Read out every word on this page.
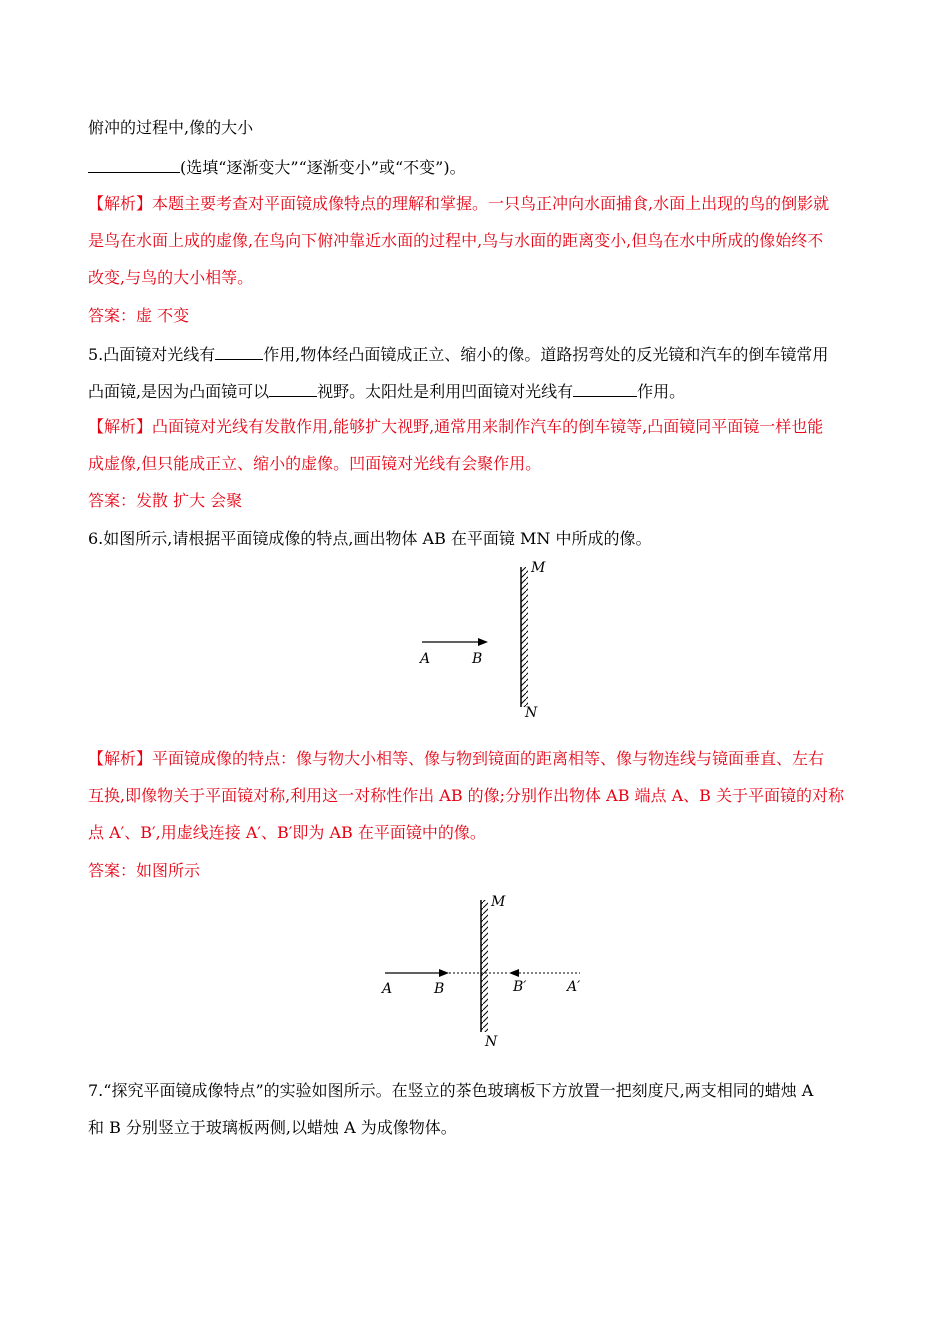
俯冲的过程中,像的大小
(选填“逐渐变大”“逐渐变小”或“不变”)。
【解析】本题主要考查对平面镜成像特点的理解和掌握。一只鸟正冲向水面捕食,水面上出现的鸟的倒影就
是鸟在水面上成的虚像,在鸟向下俯冲靠近水面的过程中,鸟与水面的距离变小,但鸟在水中所成的像始终不
改变,与鸟的大小相等。
答案：虚 不变
5.凸面镜对光线有	作用,物体经凸面镜成正立、缩小的像。道路拐弯处的反光镜和汽车的倒车镜常用
凸面镜,是因为凸面镜可以	视野。太阳灶是利用凹面镜对光线有	作用。
【解析】凸面镜对光线有发散作用,能够扩大视野,通常用来制作汽车的倒车镜等,凸面镜同平面镜一样也能
成虚像,但只能成正立、缩小的虚像。凹面镜对光线有会聚作用。
答案：发散 扩大 会聚
6.如图所示,请根据平面镜成像的特点,画出物体 AB 在平面镜 MN 中所成的像。
M
A	B
N
【解析】平面镜成像的特点：像与物大小相等、像与物到镜面的距离相等、像与物连线与镜面垂直、左右
互换,即像物关于平面镜对称,利用这一对称性作出 AB 的像;分别作出物体 AB 端点 A、B 关于平面镜的对称
点 A′、B′,用虚线连接 A′、B′即为 AB 在平面镜中的像。
答案：如图所示
M
A	B	B′	A′
N
7.“探究平面镜成像特点”的实验如图所示。在竖立的茶色玻璃板下方放置一把刻度尺,两支相同的蜡烛 A
和 B 分别竖立于玻璃板两侧,以蜡烛 A 为成像物体。
